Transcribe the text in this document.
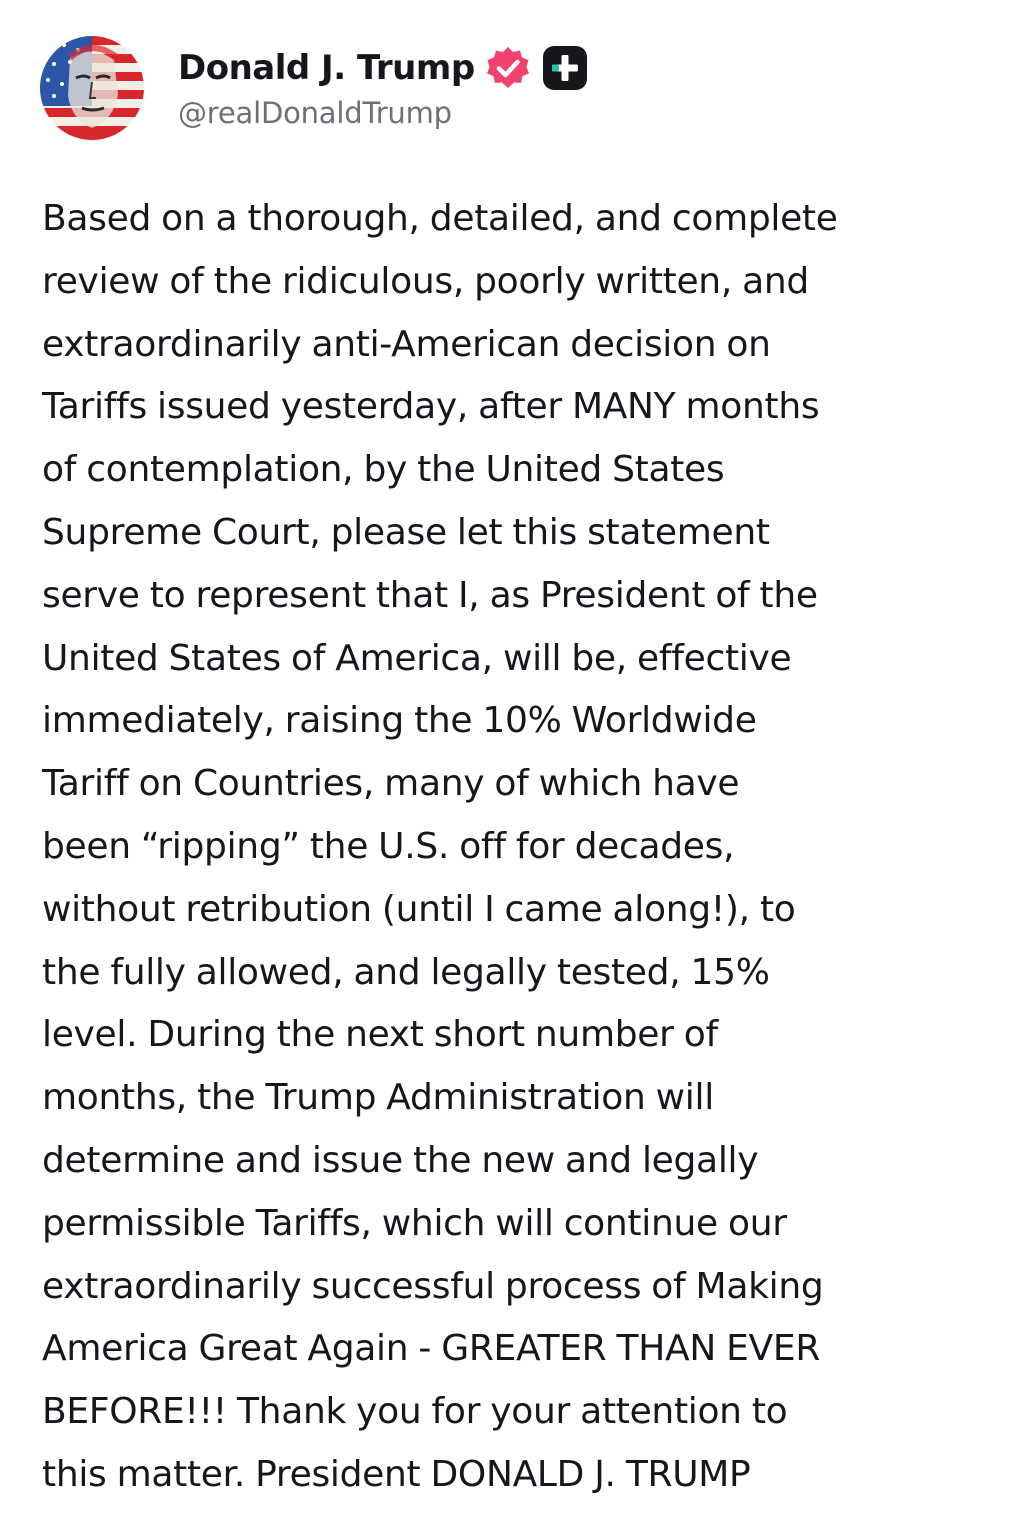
Donald J. Trump
@realDonaldTrump
Based on a thorough, detailed, and complete
review of the ridiculous, poorly written, and
extraordinarily anti-American decision on
Tariffs issued yesterday, after MANY months
of contemplation, by the United States
Supreme Court, please let this statement
serve to represent that I, as President of the
United States of America, will be, effective
immediately, raising the 10% Worldwide
Tariff on Countries, many of which have
been “ripping” the U.S. off for decades,
without retribution (until I came along!), to
the fully allowed, and legally tested, 15%
level. During the next short number of
months, the Trump Administration will
determine and issue the new and legally
permissible Tariffs, which will continue our
extraordinarily successful process of Making
America Great Again - GREATER THAN EVER
BEFORE!!! Thank you for your attention to
this matter. President DONALD J. TRUMP
